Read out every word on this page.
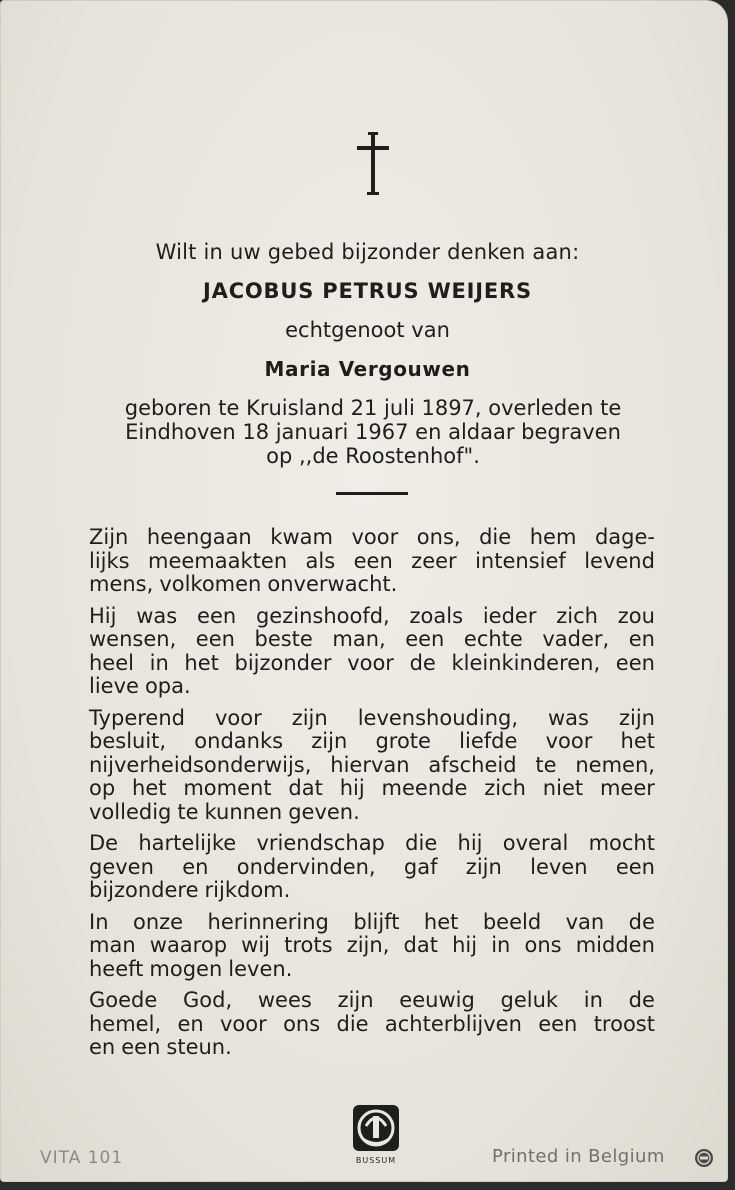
Wilt in uw gebed bijzonder denken aan:

JACOBUS PETRUS WEIJERS

echtgenoot van

Maria Vergouwen

geboren te Kruisland 21 juli 1897, overleden te
Eindhoven 18 januari 1967 en aldaar begraven
op ,,de Roostenhof".
Zijn heengaan kwam voor ons, die hem dage-
lijks meemaakten als een zeer intensief levend
mens, volkomen onverwacht.
Hij was een gezinshoofd, zoals ieder zich zou
wensen, een beste man, een echte vader, en
heel in het bijzonder voor de kleinkinderen, een
lieve opa.
Typerend voor zijn levenshouding, was zijn
besluit, ondanks zijn grote liefde voor het
nijverheidsonderwijs, hiervan afscheid te nemen,
op het moment dat hij meende zich niet meer
volledig te kunnen geven.
De hartelijke vriendschap die hij overal mocht
geven en ondervinden, gaf zijn leven een
bijzondere rijkdom.
In onze herinnering blijft het beeld van de
man waarop wij trots zijn, dat hij in ons midden
heeft mogen leven.
Goede God, wees zijn eeuwig geluk in de
hemel, en voor ons die achterblijven een troost
en een steun.
BUSSUM
VITA 101	Printed in Belgium
